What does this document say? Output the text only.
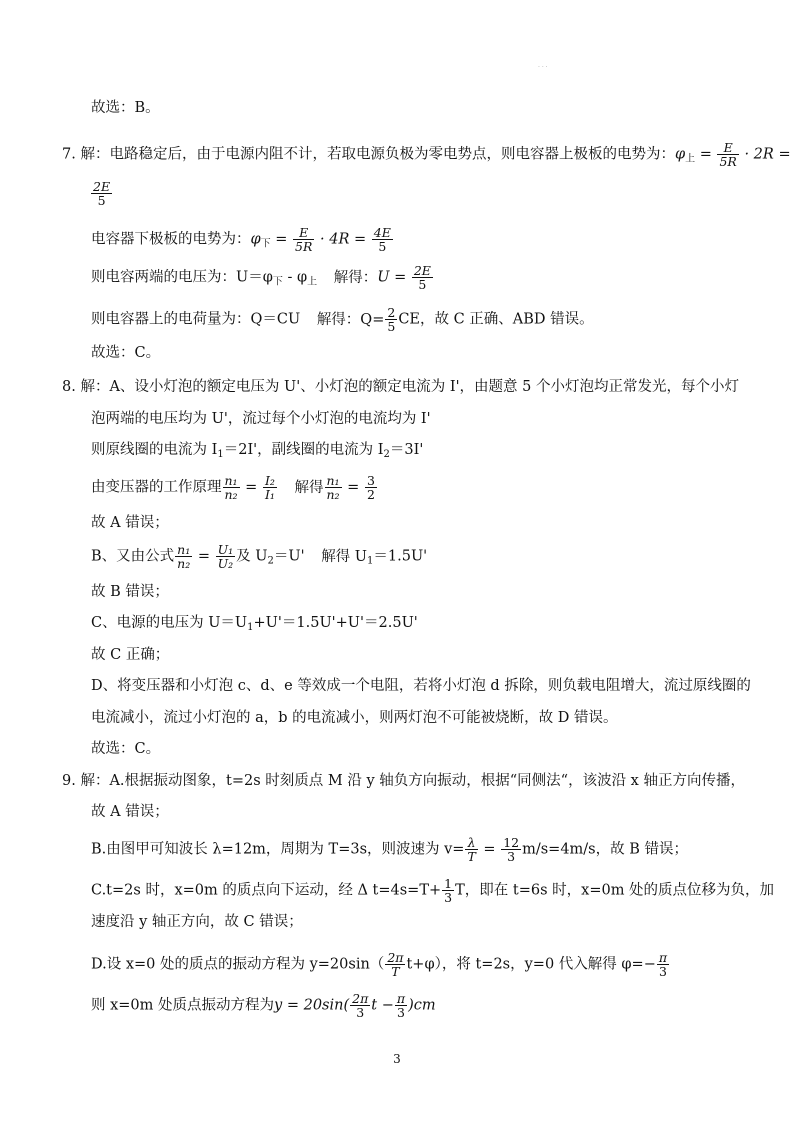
. . .
故选：B。
7. 解：电路稳定后，由于电源内阻不计，若取电源负极为零电势点，则电容器上极板的电势为：$\varphi_上 = \frac{E}{5R} \cdot 2R$ =
$\frac{2E}{5}$
电容器下极板的电势为：$\varphi_下 = \frac{E}{5R} \cdot 4R = \frac{4E}{5}$
则电容两端的电压为：$U=\varphi_下 - \varphi_上$ 解得：$U = \frac{2E}{5}$
则电容器上的电荷量为：Q＝CU 解得：$Q= \frac{2}{5}$ CE，故 C 正确、ABD 错误。
故选：C。
8. 解：A、设小灯泡的额定电压为 U'、小灯泡的额定电流为 I'，由题意 5 个小灯泡均正常发光，每个小灯
泡两端的电压均为 U'，流过每个小灯泡的电流均为 I'
则原线圈的电流为 $I_1=2I'$，副线圈的电流为 $I_2=3I'$
由变压器的工作原理 $\frac{\text{n₁}}{\text{n₂}} = \frac{\text{I₂}}{\text{I₁}}$ 解得 $\frac{\text{n₁}}{\text{n₂}} = \frac{3}{2}$
故 A 错误；
B、又由公式 $\frac{\text{n₁}}{\text{n₂}} = \frac{\text{U₁}}{\text{U₂}}$ 及 $U_2=U'$ 解得 $U_1=1.5U'$
故 B 错误；
C、电源的电压为 $U=U_1+U'=1.5U'+U'=2.5U'$
故 C 正确；
D、将变压器和小灯泡 c、d、e 等效成一个电阻，若将小灯泡 d 拆除，则负载电阻增大，流过原线圈的
电流减小，流过小灯泡的 a，b 的电流减小，则两灯泡不可能被烧断，故 D 错误。
故选：C。
9. 解：A.根据振动图象，t=2s 时刻质点 M 沿 y 轴负方向振动，根据“同侧法“，该波沿 x 轴正方向传播，
故 A 错误；
B.由图甲可知波长 λ=12m，周期为 T=3s，则波速为 $v= \frac{\lambda}{T} = \frac{12}{3} m/s=4m/s$，故 B 错误；
C.t=2s 时，x=0m 的质点向下运动，经 Δ $t=4s=T+ \frac{1}{3}$ T，即在 t=6s 时，x=0m 处的质点位移为负，加
速度沿 y 轴正方向，故 C 错误；
D.设 x=0 处的质点的振动方程为 $y=20\sin( \frac{2\pi}{T} t+\varphi)$，将 t=2s，y=0 代入解得 $\varphi=- \frac{\pi}{3}$
则 x=0m 处质点振动方程为$y = 20\sin( \frac{2\pi}{3}$ $t - \frac{\pi}{3} )cm$
3
